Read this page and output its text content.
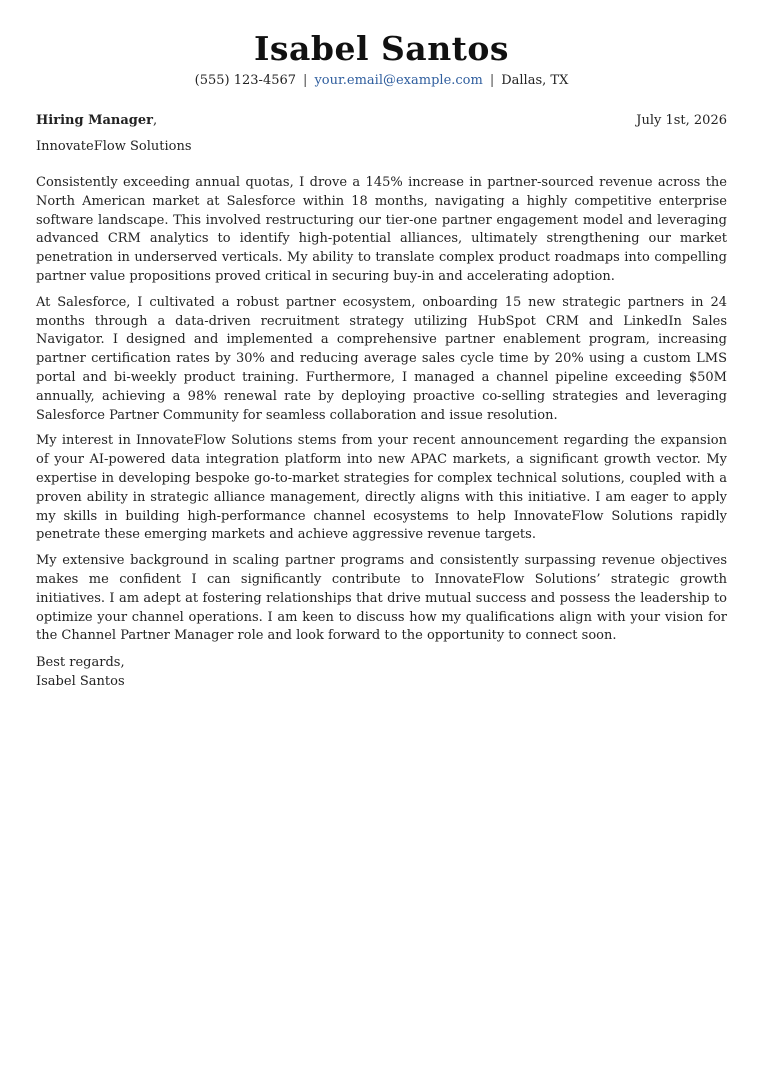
Isabel Santos
(555) 123-4567 | your.email@example.com | Dallas, TX
Hiring Manager,	July 1st, 2026
InnovateFlow Solutions

Consistently exceeding annual quotas, I drove a 145% increase in partner-sourced revenue across the North American market at Salesforce within 18 months, navigating a highly competitive enterprise software landscape. This involved restructuring our tier-one partner engagement model and leveraging advanced CRM analytics to identify high-potential alliances, ultimately strengthening our market penetration in underserved verticals. My ability to translate complex product roadmaps into compelling partner value propositions proved critical in securing buy-in and accelerating adoption.

At Salesforce, I cultivated a robust partner ecosystem, onboarding 15 new strategic partners in 24 months through a data-driven recruitment strategy utilizing HubSpot CRM and LinkedIn Sales Navigator. I designed and implemented a comprehensive partner enablement program, increasing partner certification rates by 30% and reducing average sales cycle time by 20% using a custom LMS portal and bi-weekly product training. Furthermore, I managed a channel pipeline exceeding $50M annually, achieving a 98% renewal rate by deploying proactive co-selling strategies and leveraging Salesforce Partner Community for seamless collaboration and issue resolution.

My interest in InnovateFlow Solutions stems from your recent announcement regarding the expansion of your AI-powered data integration platform into new APAC markets, a significant growth vector. My expertise in developing bespoke go-to-market strategies for complex technical solutions, coupled with a proven ability in strategic alliance management, directly aligns with this initiative. I am eager to apply my skills in building high-performance channel ecosystems to help InnovateFlow Solutions rapidly penetrate these emerging markets and achieve aggressive revenue targets.

My extensive background in scaling partner programs and consistently surpassing revenue objectives makes me confident I can significantly contribute to InnovateFlow Solutions’ strategic growth initiatives. I am adept at fostering relationships that drive mutual success and possess the leadership to optimize your channel operations. I am keen to discuss how my qualifications align with your vision for the Channel Partner Manager role and look forward to the opportunity to connect soon.

Best regards,
Isabel Santos
